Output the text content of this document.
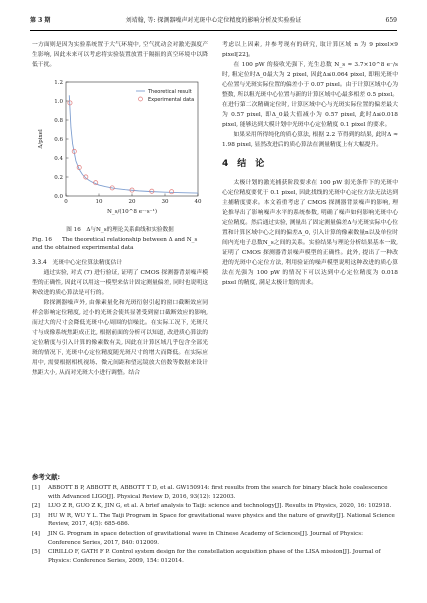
第 3 期	刘靖翰, 等: 探测器噪声对光斑中心定位精度的影响分析及实验验证	659

一方面则是因为实验系统置于大气环境中, 空气扰动会对激光强度产生影响, 因此未来可以考虑将实验装置放置于隔振的真空环境中以降低干扰。

0	10	20	30	40
0.0
0.2
0.4
0.6
0.8
1.0
1.2
N_s/(10^8 e⁻·s⁻¹)
Δ/pixel
Theoretical result
Experimental data

图 16　Δ与N_s的理论关系曲线和实验数据

Fig. 16 The theoretical relationship between Δ and N_s and the obtained experimental data

3.3.4　光斑中心定位算法精度估计

通过实验, 对式 (7) 进行验证, 证明了 CMOS 探测器背景噪声模型的正确性, 因此可以用这一模型来估计固定测量偏差, 同时也说明这种改进的质心算法是可行的。

除探测器噪声外, 由像素量化和光斑衍射引起的窗口截断效应同样会影响定位精度, 过小的光斑会使其显著受到窗口截断效应的影响, 而过大的尺寸会降低光斑中心周围的信噪比。在实际工况下, 光斑尺寸与成像系统焦距成正比, 根据前面的分析可以知道, 改进质心算法的定位精度与引入计算的像素数有关, 因此在计算区域几乎包含全部光斑的情况下, 光斑中心定位精度随光斑尺寸的增大而降低。在实际应用中, 需要根据相机视场、微元间距和望远镜放大倍数等数据来设计焦距大小, 从而对光斑大小进行调整。结合

考虑以上因素, 并参考现有的研究, 取计算区域 n 为 9 pixel×9 pixel[22]。

在 100 pW 的接收光强下, 光生总数 N_s ≈ 3.7×10^8 e⁻/s时, 粗定位时Δ_0最大为 2 pixel, 因此Δ≤0.064 pixel, 即粗光斑中心位置与光斑实际位置的偏差小于 0.07 pixel。由于计算区域中心为整数, 所以粗光斑中心位置与新的计算区域中心最多相差 0.5 pixel。在进行第二次精确定位时, 计算区域中心与光斑实际位置的偏差最大为 0.57 pixel, 即Δ_0最大值减小为 0.57 pixel, 此时Δ≤0.018 pixel, 能够达到大模计划中光斑中心定位精度 0.1 pixel 的要求。

如果采用所得纯化的质心算法, 根据 2.2 节得到的结果, 此时Δ ≈ 1.98 pixel, 显然改进后的质心算法在测量精度上有大幅提升。

4　结　论

太极计划的激光捕获阶段要求在 100 pW 弱光条件下的光斑中心定位精度要优于 0.1 pixel, 因此找线的光斑中心定位方法无法达到主捕精度要求。本文着重考虑了 CMOS 探测器背景噪声的影响, 理论推导出了影响噪声水平的系统参数, 明确了噪声如何影响光斑中心定位精度。然后通过实验, 测量出了固定测量偏差Δ与光斑实际中心位置和计算区域中心之间的偏差Δ_0, 引入计算的像素数量n以及单位时间内光电子总数N_s之间的关系。实验结果与理论分析结果基本一致, 证明了 CMOS 探测器背景噪声模型的正确性。此外, 提出了一种改进的光斑中心定位方法, 利用验证的噪声模型说明这种改进的质心算法在光强为 100 pW 的情况下可以达到中心定位精度为 0.018 pixel 的精度, 满足太极计划的需求。

参考文献:

[1] ABBOTT B P, ABBOTT R, ABBOTT T D, et al. GW150914: first results from the search for binary black hole coalescence with Advanced LIGO[J]. Physical Review D, 2016, 93(12): 122003.
[2] LUO Z R, GUO Z K, JIN G, et al. A brief analysis to Taiji: science and technology[J]. Results in Physics, 2020, 16: 102918.
[3] HU W R, WU Y L. The Taiji Program in Space for gravitational wave physics and the nature of gravity[J]. National Science Review, 2017, 4(5): 685-686.
[4] JIN G. Program in space detection of gravitational wave in Chinese Academy of Sciences[J]. Journal of Physics: Conference Series, 2017, 840: 012009.
[5] CIRILLO F, GATH F P. Control system design for the constellation acquisition phase of the LISA mission[J]. Journal of Physics: Conference Series, 2009, 154: 012014.
